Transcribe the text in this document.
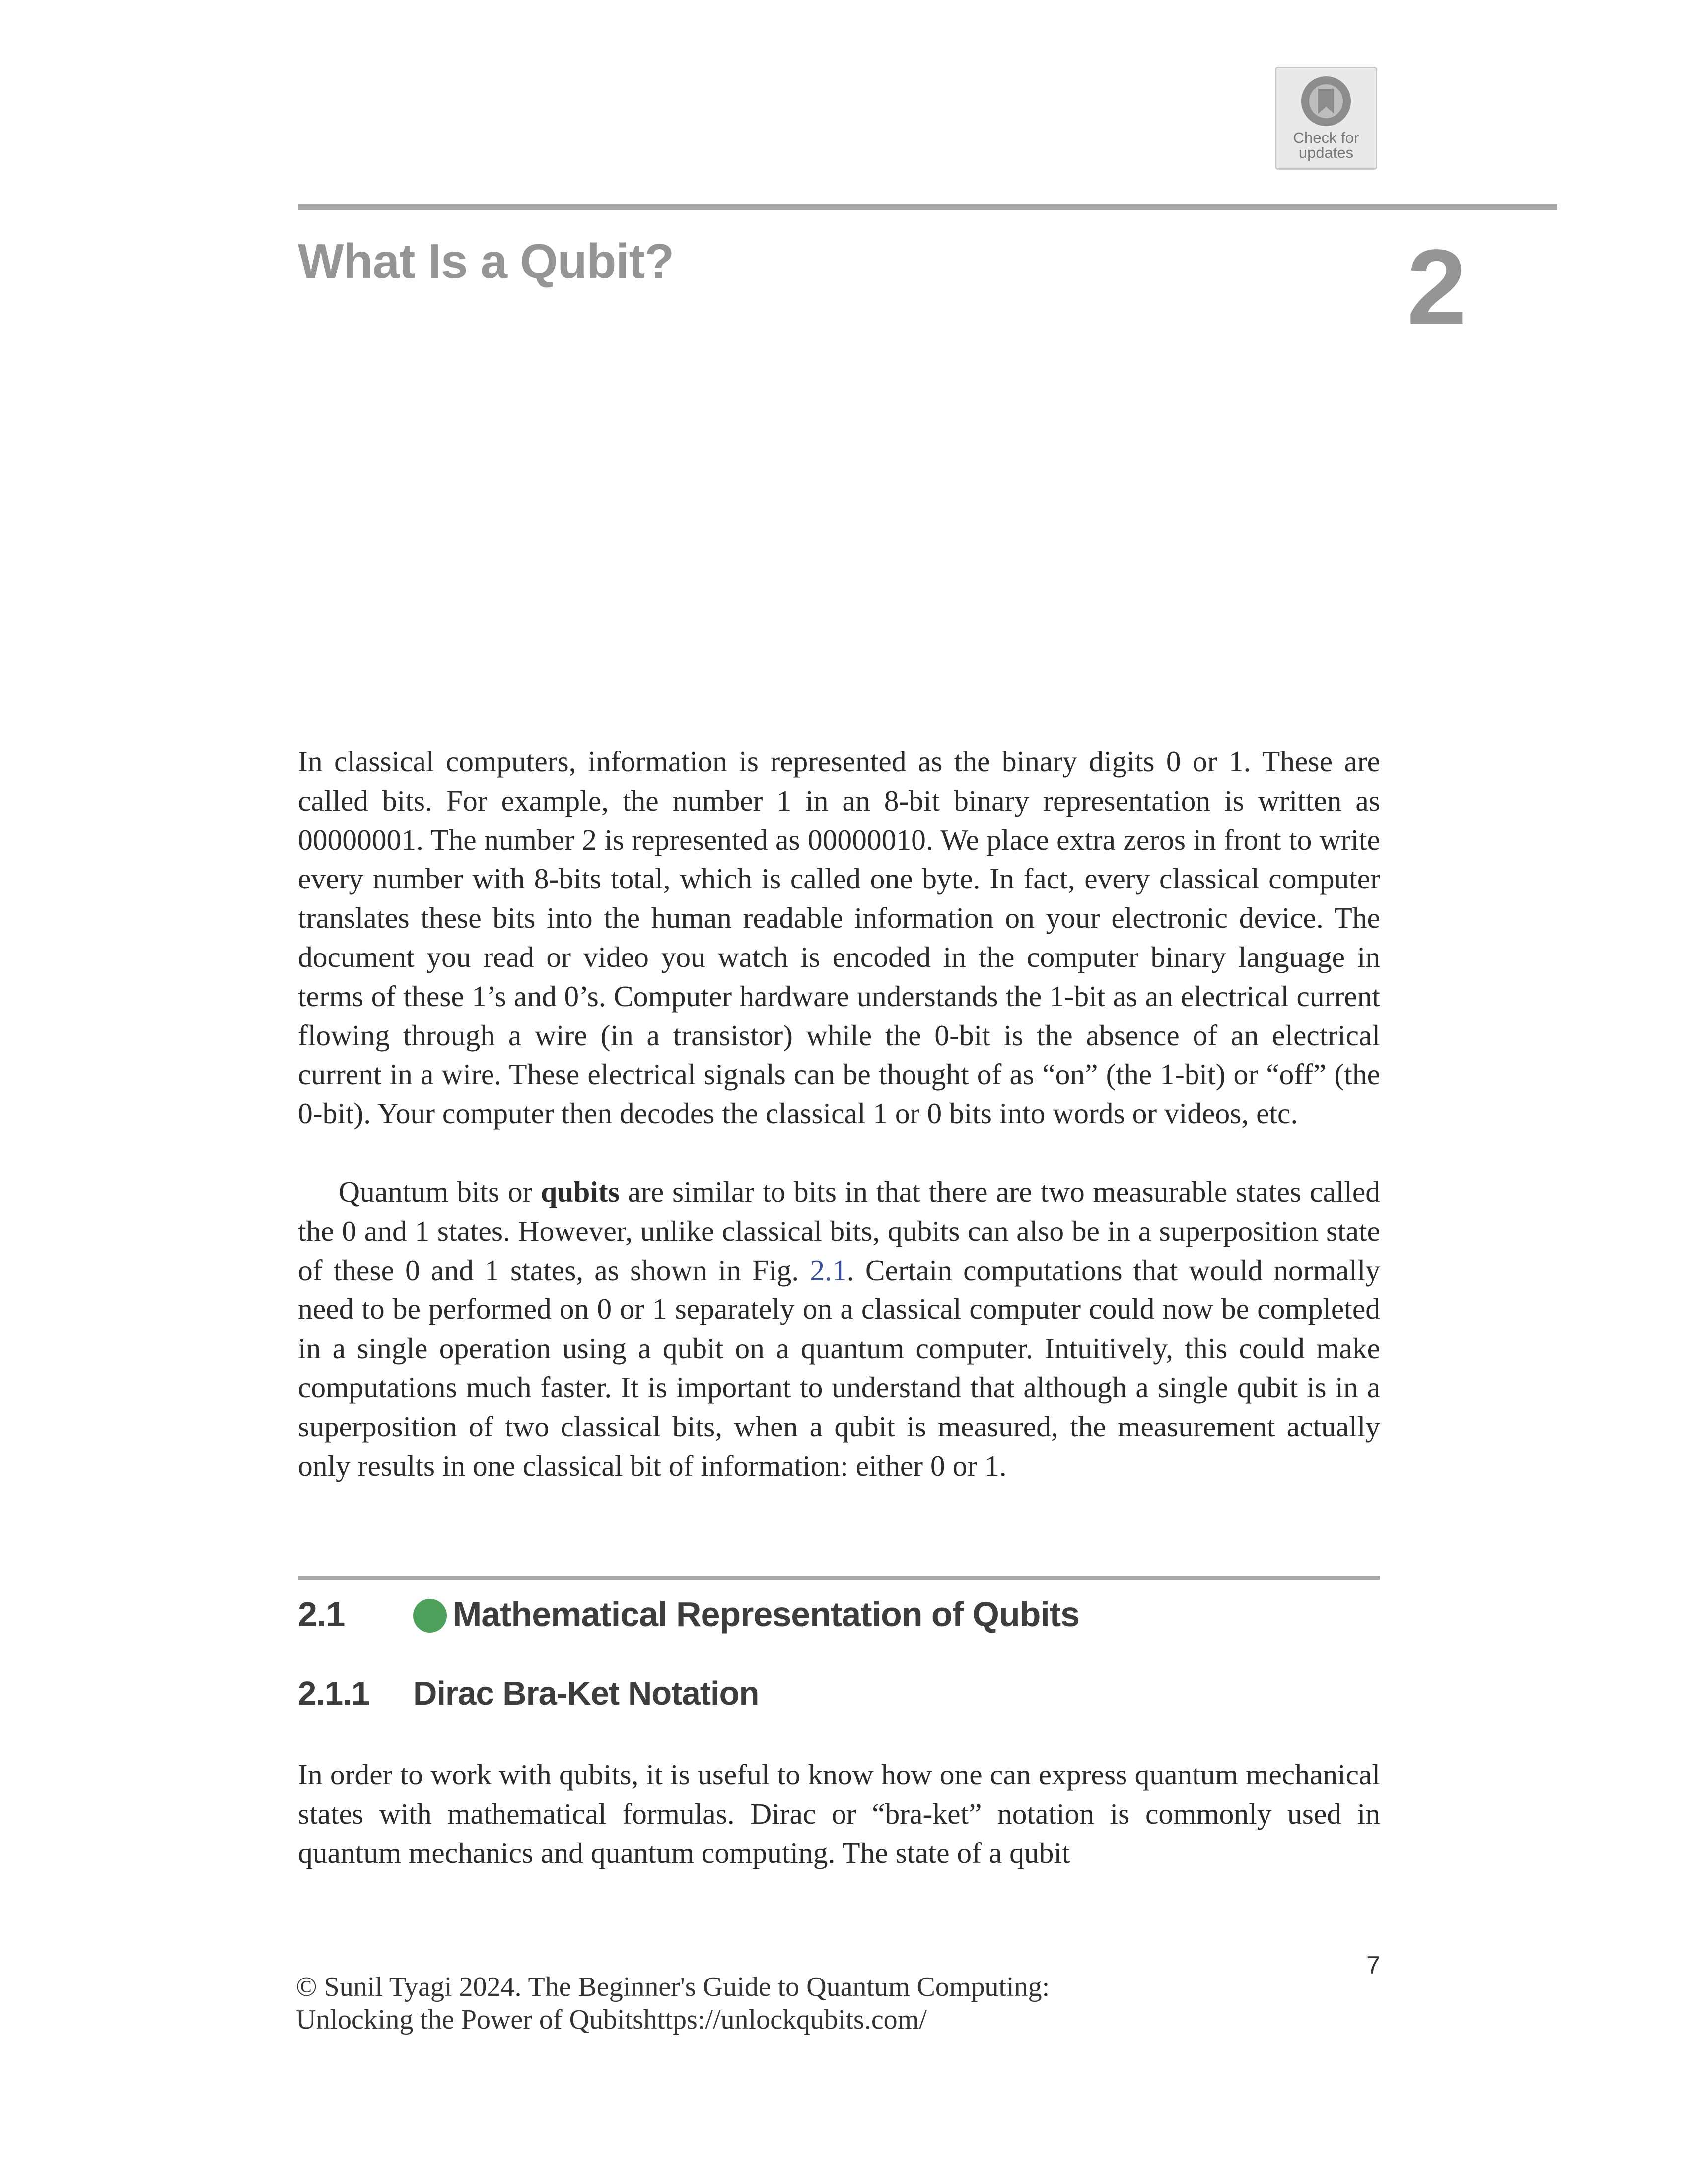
Check for
updates
What Is a Qubit?	2

In classical computers, information is represented as the binary digits 0 or 1. These are called bits. For example, the number 1 in an 8-bit binary representation is written as 00000001. The number 2 is represented as 00000010. We place extra zeros in front to write every number with 8-bits total, which is called one byte. In fact, every classical computer translates these bits into the human readable information on your electronic device. The document you read or video you watch is encoded in the computer binary language in terms of these 1’s and 0’s. Computer hardware understands the 1-bit as an electrical current flowing through a wire (in a transistor) while the 0-bit is the absence of an electrical current in a wire. These electrical signals can be thought of as “on” (the 1-bit) or “off” (the 0-bit). Your computer then decodes the classical 1 or 0 bits into words or videos, etc.

Quantum bits or qubits are similar to bits in that there are two measurable states called the 0 and 1 states. However, unlike classical bits, qubits can also be in a superposition state of these 0 and 1 states, as shown in Fig. 2.1. Certain computations that would normally need to be performed on 0 or 1 separately on a classical computer could now be completed in a single operation using a qubit on a quantum computer. Intuitively, this could make computations much faster. It is important to understand that although a single qubit is in a superposition of two classical bits, when a qubit is measured, the measurement actually only results in one classical bit of information: either 0 or 1.

2.1	Mathematical Representation of Qubits
2.1.1 Dirac Bra-Ket Notation

In order to work with qubits, it is useful to know how one can express quantum mechanical states with mathematical formulas. Dirac or “bra-ket” notation is commonly used in quantum mechanics and quantum computing. The state of a qubit

7
© Sunil Tyagi 2024. The Beginner's Guide to Quantum Computing:
Unlocking the Power of Qubitshttps://unlockqubits.com/
